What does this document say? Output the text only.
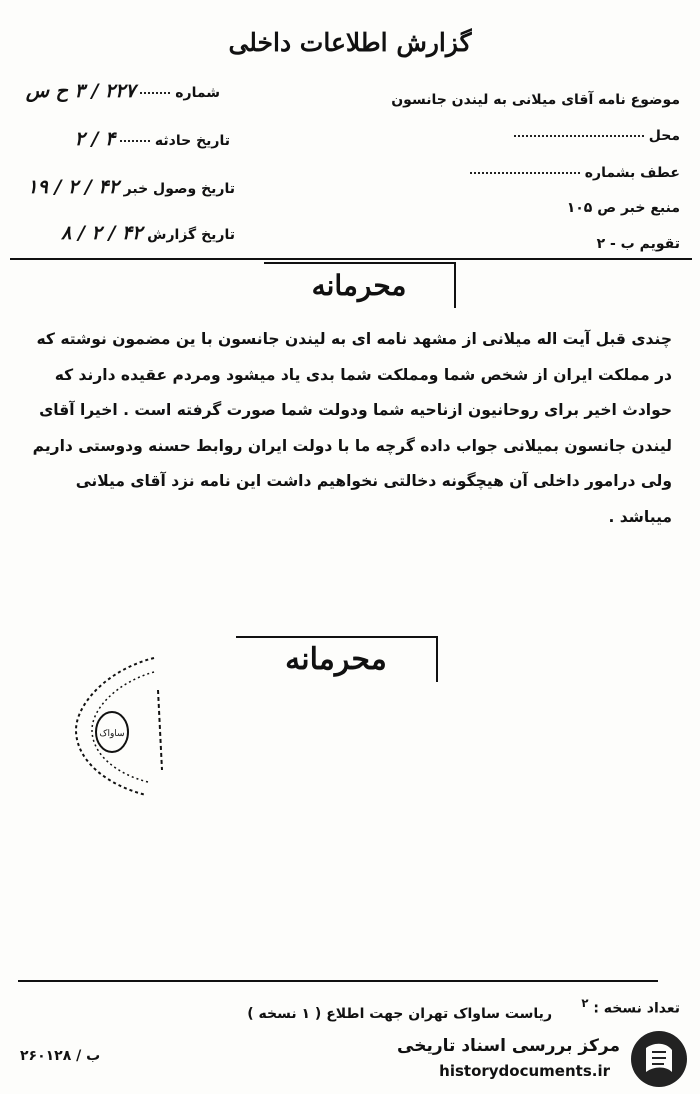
گزارش اطلاعات داخلی
شماره  ۲۲۷ / ۳ ح س
تاریخ حادثه  ۴ / ۲
تاریخ وصول خبر ۴۲ / ۲ / ۱۹
تاریخ گزارش ۴۲ / ۲ / ۸
موضوع نامه آقای میلانی به لیندن جانسون
محل
عطف بشماره
منبع خبر ص ۱۰۵
تقویم ب - ۲
محرمانه
چندی قبل آیت اله میلانی از مشهد نامه ای به لیندن جانسون با ین مضمون نوشته که
در مملکت ایران از شخص شما ومملکت شما بدی یاد میشود ومردم عقیده دارند که
حوادث اخیر برای روحانیون ازناحیه شما ودولت شما صورت گرفته است . اخیرا آقای
لیندن جانسون بمیلانی جواب داده گرچه ما با دولت ایران روابط حسنه ودوستی داریم
ولی درامور داخلی آن هیچگونه دخالتی نخواهیم داشت این نامه نزد آقای میلانی
میباشد .
محرمانه
ساواک
تعداد نسخه : $^۲$
ریاست ساواک تهران جهت اطلاع ( ۱ نسخه )
۲۶۰۱۲۸ / ب	مرکز بررسی اسناد تاریخی
historydocuments.ir
